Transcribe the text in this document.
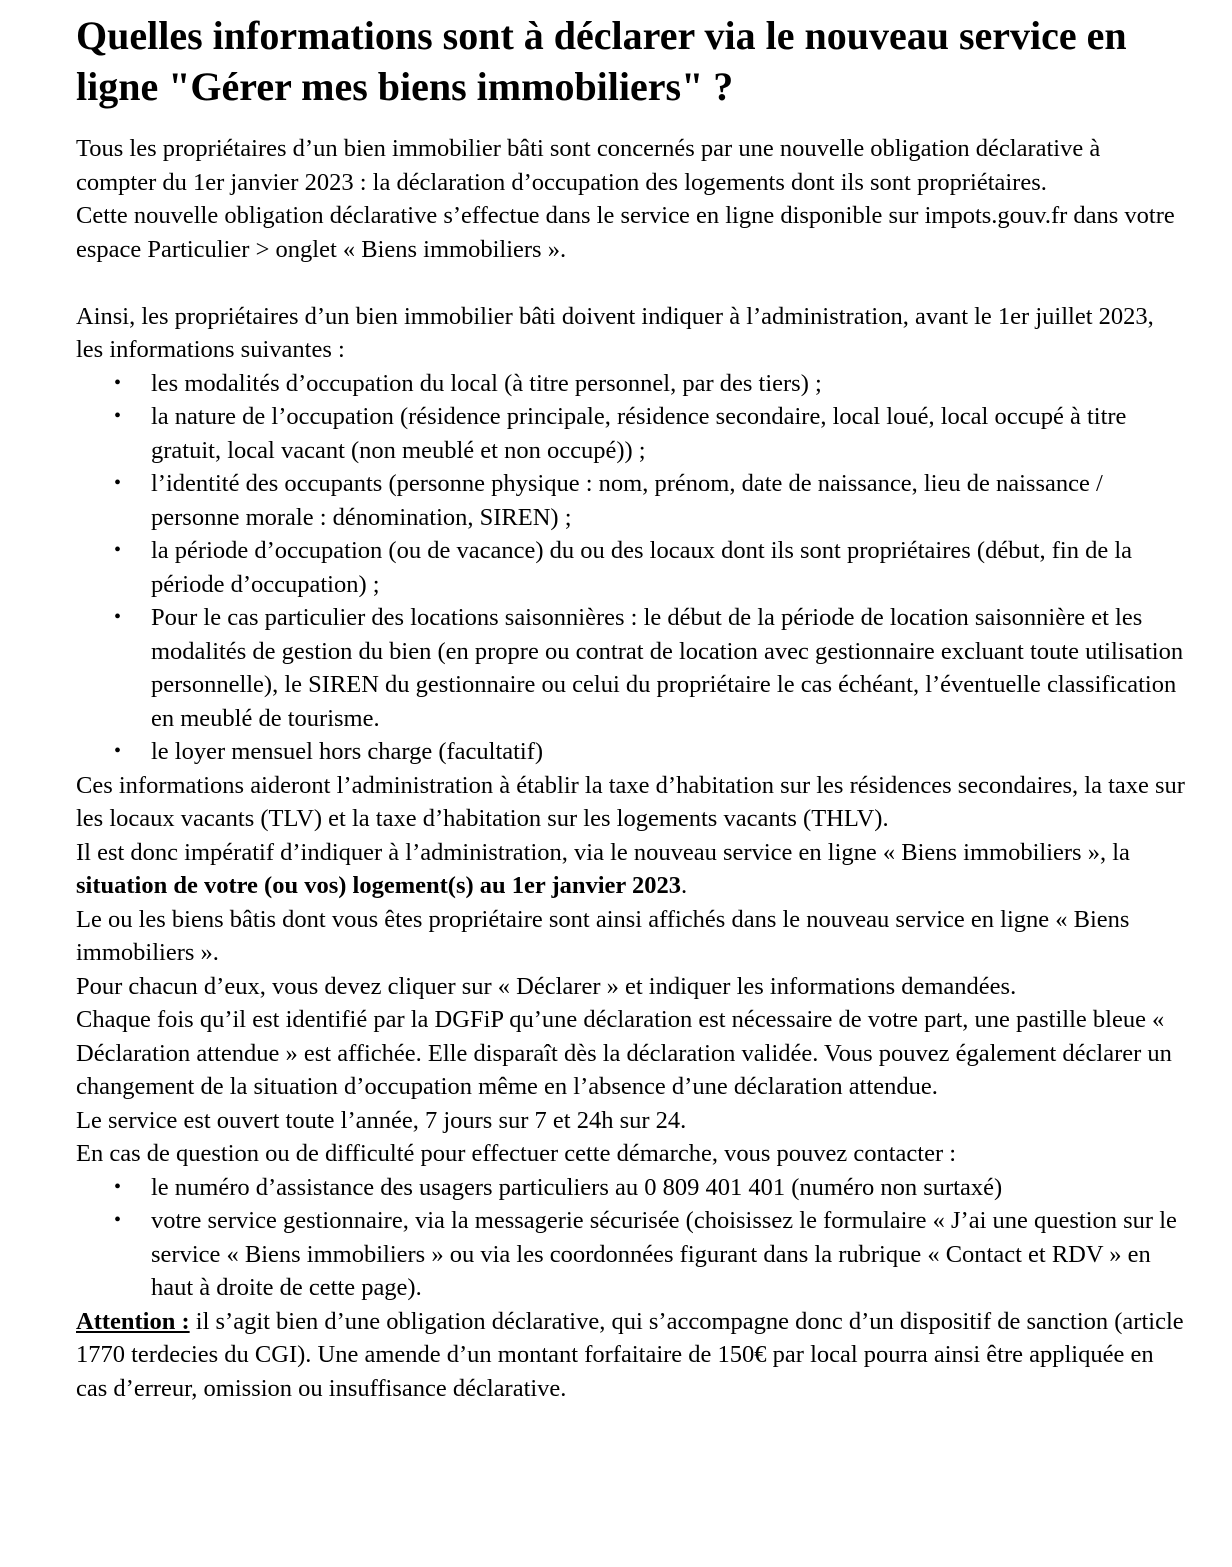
Quelles informations sont à déclarer via le nouveau service en ligne "Gérer mes biens immobiliers" ?

Tous les propriétaires d’un bien immobilier bâti sont concernés par une nouvelle obligation déclarative à compter du 1er janvier 2023 : la déclaration d’occupation des logements dont ils sont propriétaires.

Cette nouvelle obligation déclarative s’effectue dans le service en ligne disponible sur impots.gouv.fr dans votre espace Particulier > onglet « Biens immobiliers ».

Ainsi, les propriétaires d’un bien immobilier bâti doivent indiquer à l’administration, avant le 1er juillet 2023, les informations suivantes :

• les modalités d’occupation du local (à titre personnel, par des tiers) ;
• la nature de l’occupation (résidence principale, résidence secondaire, local loué, local occupé à titre gratuit, local vacant (non meublé et non occupé)) ;
• l’identité des occupants (personne physique : nom, prénom, date de naissance, lieu de naissance / personne morale : dénomination, SIREN) ;
• la période d’occupation (ou de vacance) du ou des locaux dont ils sont propriétaires (début, fin de la période d’occupation) ;
• Pour le cas particulier des locations saisonnières : le début de la période de location saisonnière et les modalités de gestion du bien (en propre ou contrat de location avec gestionnaire excluant toute utilisation personnelle), le SIREN du gestionnaire ou celui du propriétaire le cas échéant, l’éventuelle classification en meublé de tourisme.
• le loyer mensuel hors charge (facultatif)

Ces informations aideront l’administration à établir la taxe d’habitation sur les résidences secondaires, la taxe sur les locaux vacants (TLV) et la taxe d’habitation sur les logements vacants (THLV).

Il est donc impératif d’indiquer à l’administration, via le nouveau service en ligne « Biens immobiliers », la situation de votre (ou vos) logement(s) au 1er janvier 2023.

Le ou les biens bâtis dont vous êtes propriétaire sont ainsi affichés dans le nouveau service en ligne « Biens immobiliers ».

Pour chacun d’eux, vous devez cliquer sur « Déclarer » et indiquer les informations demandées.

Chaque fois qu’il est identifié par la DGFiP qu’une déclaration est nécessaire de votre part, une pastille bleue « Déclaration attendue » est affichée. Elle disparaît dès la déclaration validée. Vous pouvez également déclarer un changement de la situation d’occupation même en l’absence d’une déclaration attendue.

Le service est ouvert toute l’année, 7 jours sur 7 et 24h sur 24.

En cas de question ou de difficulté pour effectuer cette démarche, vous pouvez contacter :

• le numéro d’assistance des usagers particuliers au 0 809 401 401 (numéro non surtaxé)
• votre service gestionnaire, via la messagerie sécurisée (choisissez le formulaire « J’ai une question sur le service « Biens immobiliers » ou via les coordonnées figurant dans la rubrique « Contact et RDV » en haut à droite de cette page).

Attention : il s’agit bien d’une obligation déclarative, qui s’accompagne donc d’un dispositif de sanction (article 1770 terdecies du CGI). Une amende d’un montant forfaitaire de 150€ par local pourra ainsi être appliquée en cas d’erreur, omission ou insuffisance déclarative.
